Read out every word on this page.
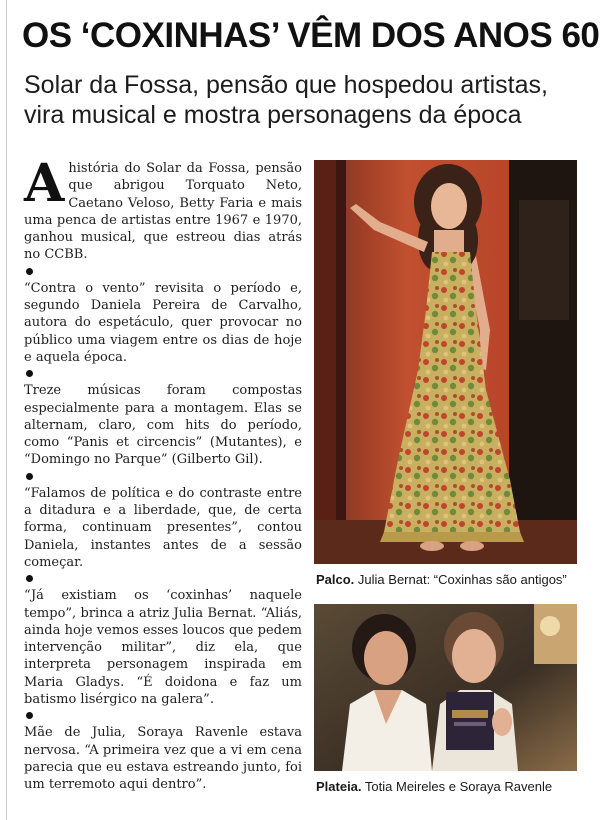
OS ‘COXINHAS’ VÊM DOS ANOS 60
Solar da Fossa, pensão que hospedou artistas, vira musical e mostra personagens da época

A história do Solar da Fossa, pensão que abrigou Torquato Neto, Caetano Veloso, Betty Faria e mais uma penca de artistas entre 1967 e 1970, ganhou musical, que estreou dias atrás no CCBB.

“Contra o vento” revisita o período e, segundo Daniela Pereira de Carvalho, autora do espetáculo, quer provocar no público uma viagem entre os dias de hoje e aquela época.

Treze músicas foram compostas especialmente para a montagem. Elas se alternam, claro, com hits do período, como “Panis et circencis” (Mutantes), e “Domingo no Parque” (Gilberto Gil).

“Falamos de política e do contraste entre a ditadura e a liberdade, que, de certa forma, continuam presentes”, contou Daniela, instantes antes de a sessão começar.

“Já existiam os ‘coxinhas’ naquele tempo”, brinca a atriz Julia Bernat. “Aliás, ainda hoje vemos esses loucos que pedem intervenção militar”, diz ela, que interpreta personagem inspirada em Maria Gladys. “É doidona e faz um batismo lisérgico na galera”.

Mãe de Julia, Soraya Ravenle estava nervosa. “A primeira vez que a vi em cena parecia que eu estava estreando junto, foi um terremoto aqui dentro”.

Palco. Julia Bernat: “Coxinhas são antigos”
Plateia. Totia Meireles e Soraya Ravenle
